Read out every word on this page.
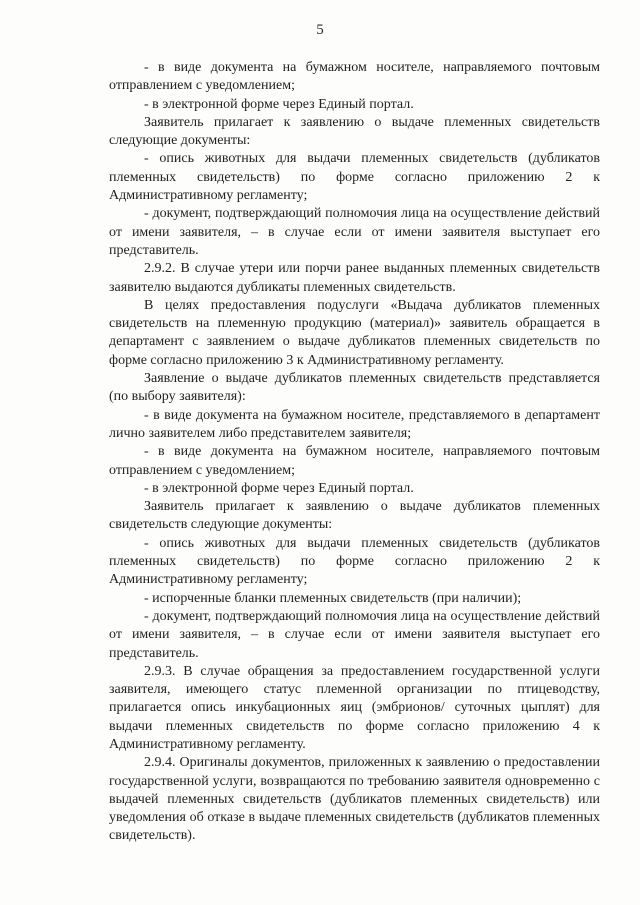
5

- в виде документа на бумажном носителе, направляемого почтовым отправлением с уведомлением;

- в электронной форме через Единый портал.

Заявитель прилагает к заявлению о выдаче племенных свидетельств следующие документы:

- опись животных для выдачи племенных свидетельств (дубликатов племенных свидетельств) по форме согласно приложению 2 к Административному регламенту;

- документ, подтверждающий полномочия лица на осуществление действий от имени заявителя, – в случае если от имени заявителя выступает его представитель.

2.9.2. В случае утери или порчи ранее выданных племенных свидетельств заявителю выдаются дубликаты племенных свидетельств.

В целях предоставления подуслуги «Выдача дубликатов племенных свидетельств на племенную продукцию (материал)» заявитель обращается в департамент с заявлением о выдаче дубликатов племенных свидетельств по форме согласно приложению 3 к Административному регламенту.

Заявление о выдаче дубликатов племенных свидетельств представляется (по выбору заявителя):

- в виде документа на бумажном носителе, представляемого в департамент лично заявителем либо представителем заявителя;

- в виде документа на бумажном носителе, направляемого почтовым отправлением с уведомлением;

- в электронной форме через Единый портал.

Заявитель прилагает к заявлению о выдаче дубликатов племенных свидетельств следующие документы:

- опись животных для выдачи племенных свидетельств (дубликатов племенных свидетельств) по форме согласно приложению 2 к Административному регламенту;

- испорченные бланки племенных свидетельств (при наличии);

- документ, подтверждающий полномочия лица на осуществление действий от имени заявителя, – в случае если от имени заявителя выступает его представитель.

2.9.3. В случае обращения за предоставлением государственной услуги заявителя, имеющего статус племенной организации по птицеводству, прилагается опись инкубационных яиц (эмбрионов/ суточных цыплят) для выдачи племенных свидетельств по форме согласно приложению 4 к Административному регламенту.

2.9.4. Оригиналы документов, приложенных к заявлению о предоставлении государственной услуги, возвращаются по требованию заявителя одновременно с выдачей племенных свидетельств (дубликатов племенных свидетельств) или уведомления об отказе в выдаче племенных свидетельств (дубликатов племенных свидетельств).
